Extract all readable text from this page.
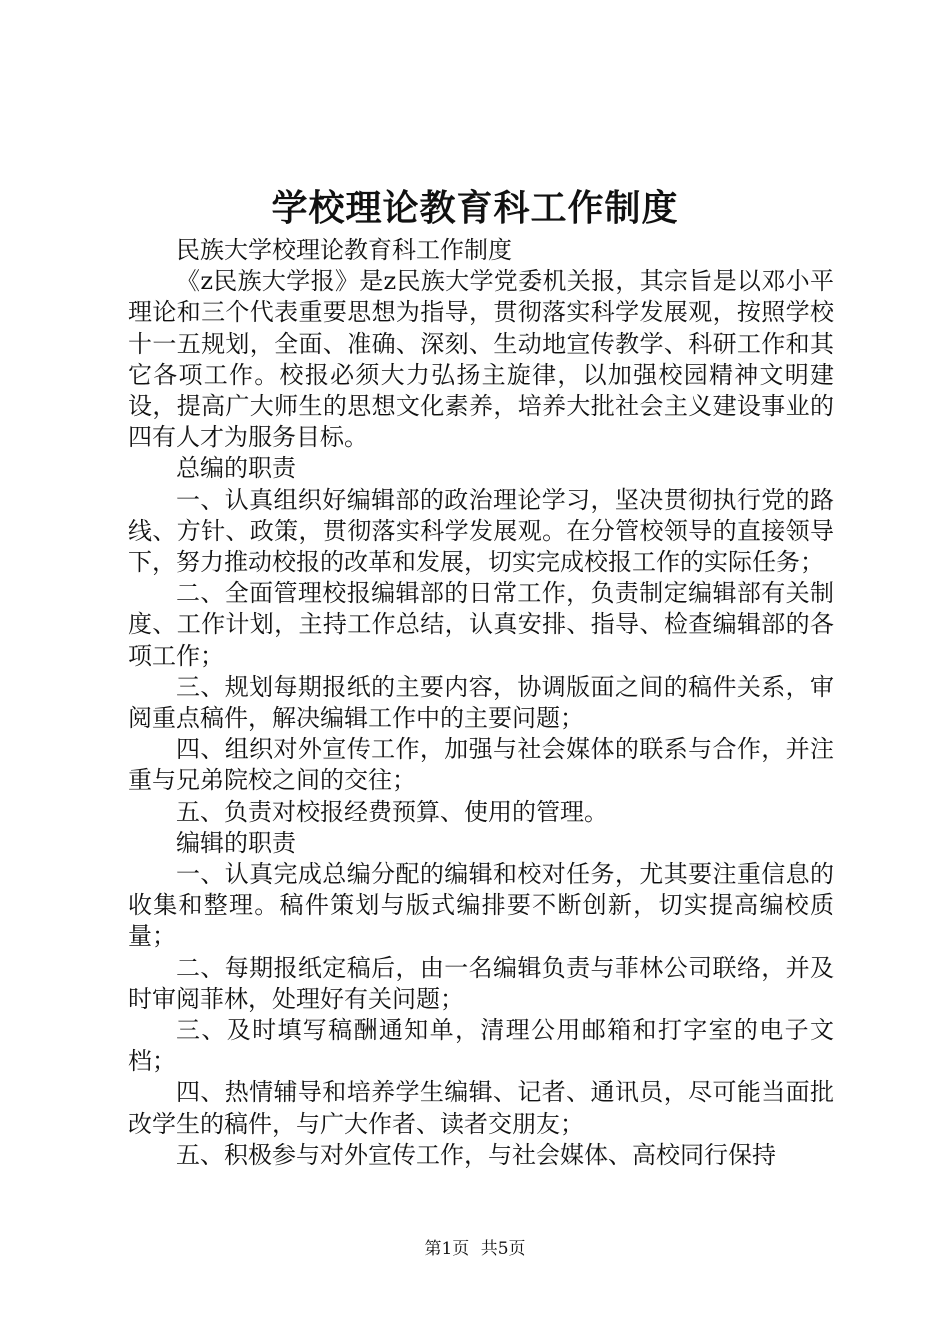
学校理论教育科工作制度

民族大学校理论教育科工作制度

《z民族大学报》是z民族大学党委机关报，其宗旨是以邓小平理论和三个代表重要思想为指导，贯彻落实科学发展观，按照学校十一五规划，全面、准确、深刻、生动地宣传教学、科研工作和其它各项工作。校报必须大力弘扬主旋律，以加强校园精神文明建设，提高广大师生的思想文化素养，培养大批社会主义建设事业的四有人才为服务目标。

总编的职责

一、认真组织好编辑部的政治理论学习，坚决贯彻执行党的路线、方针、政策，贯彻落实科学发展观。在分管校领导的直接领导下，努力推动校报的改革和发展，切实完成校报工作的实际任务；

二、全面管理校报编辑部的日常工作，负责制定编辑部有关制度、工作计划，主持工作总结，认真安排、指导、检查编辑部的各项工作；

三、规划每期报纸的主要内容，协调版面之间的稿件关系，审阅重点稿件，解决编辑工作中的主要问题；

四、组织对外宣传工作，加强与社会媒体的联系与合作，并注重与兄弟院校之间的交往；

五、负责对校报经费预算、使用的管理。

编辑的职责

一、认真完成总编分配的编辑和校对任务，尤其要注重信息的收集和整理。稿件策划与版式编排要不断创新，切实提高编校质量；

二、每期报纸定稿后，由一名编辑负责与菲林公司联络，并及时审阅菲林，处理好有关问题；

三、及时填写稿酬通知单，清理公用邮箱和打字室的电子文档；

四、热情辅导和培养学生编辑、记者、通讯员，尽可能当面批改学生的稿件，与广大作者、读者交朋友；

五、积极参与对外宣传工作，与社会媒体、高校同行保持

第1页 共5页
